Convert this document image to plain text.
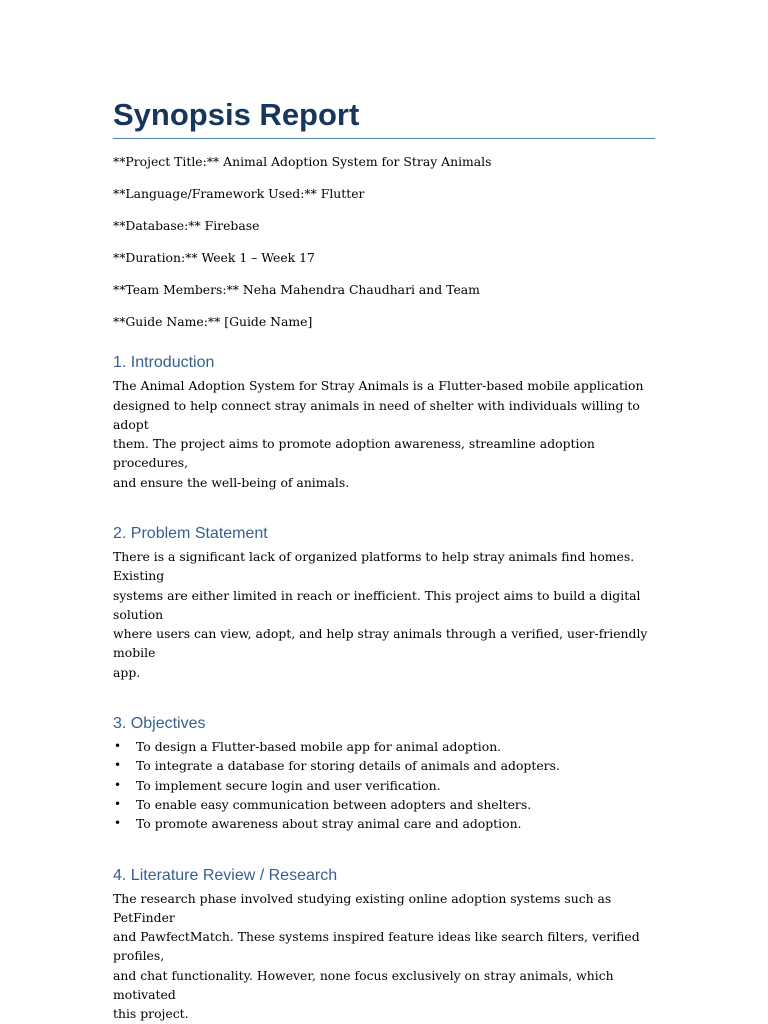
Synopsis Report

**Project Title:** Animal Adoption System for Stray Animals

**Language/Framework Used:** Flutter

**Database:** Firebase

**Duration:** Week 1 – Week 17

**Team Members:** Neha Mahendra Chaudhari and Team

**Guide Name:** [Guide Name]

1. Introduction

The Animal Adoption System for Stray Animals is a Flutter-based mobile application
designed to help connect stray animals in need of shelter with individuals willing to adopt
them. The project aims to promote adoption awareness, streamline adoption procedures,
and ensure the well-being of animals.

2. Problem Statement

There is a significant lack of organized platforms to help stray animals find homes. Existing
systems are either limited in reach or inefficient. This project aims to build a digital solution
where users can view, adopt, and help stray animals through a verified, user-friendly mobile
app.

3. Objectives
• To design a Flutter-based mobile app for animal adoption.
• To integrate a database for storing details of animals and adopters.
• To implement secure login and user verification.
• To enable easy communication between adopters and shelters.
• To promote awareness about stray animal care and adoption.
4. Literature Review / Research

The research phase involved studying existing online adoption systems such as PetFinder
and PawfectMatch. These systems inspired feature ideas like search filters, verified profiles,
and chat functionality. However, none focus exclusively on stray animals, which motivated
this project.
